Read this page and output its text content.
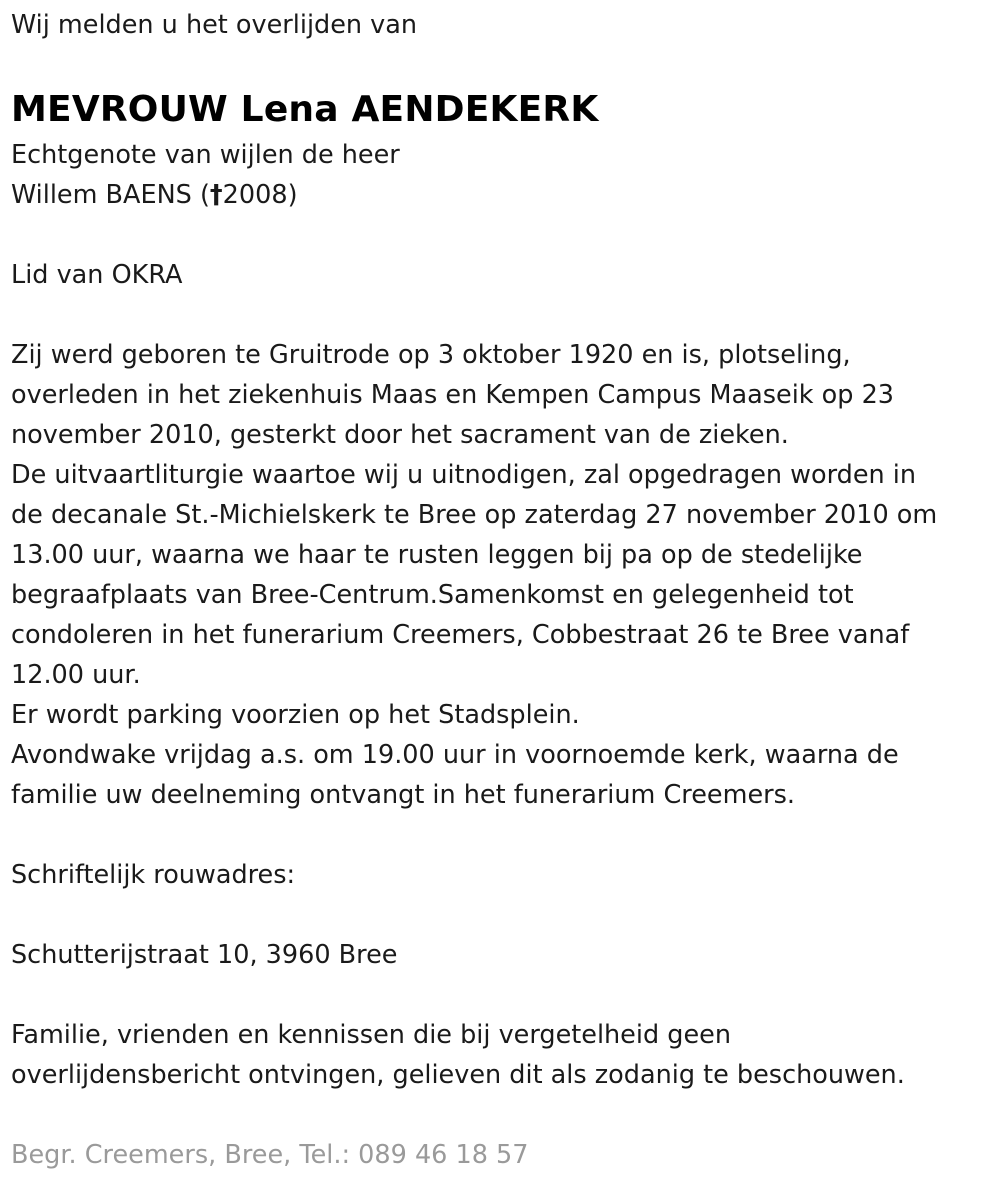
Wij melden u het overlijden van
MEVROUW Lena AENDEKERK
Echtgenote van wijlen de heer
Willem BAENS (†2008)
Lid van OKRA
Zij werd geboren te Gruitrode op 3 oktober 1920 en is, plotseling,
overleden in het ziekenhuis Maas en Kempen Campus Maaseik op 23
november 2010, gesterkt door het sacrament van de zieken.
De uitvaartliturgie waartoe wij u uitnodigen, zal opgedragen worden in
de decanale St.-Michielskerk te Bree op zaterdag 27 november 2010 om
13.00 uur, waarna we haar te rusten leggen bij pa op de stedelijke
begraafplaats van Bree-Centrum.Samenkomst en gelegenheid tot
condoleren in het funerarium Creemers, Cobbestraat 26 te Bree vanaf
12.00 uur.
Er wordt parking voorzien op het Stadsplein.
Avondwake vrijdag a.s. om 19.00 uur in voornoemde kerk, waarna de
familie uw deelneming ontvangt in het funerarium Creemers.
Schriftelijk rouwadres:
Schutterijstraat 10, 3960 Bree
Familie, vrienden en kennissen die bij vergetelheid geen
overlijdensbericht ontvingen, gelieven dit als zodanig te beschouwen.
Begr. Creemers, Bree, Tel.: 089 46 18 57
